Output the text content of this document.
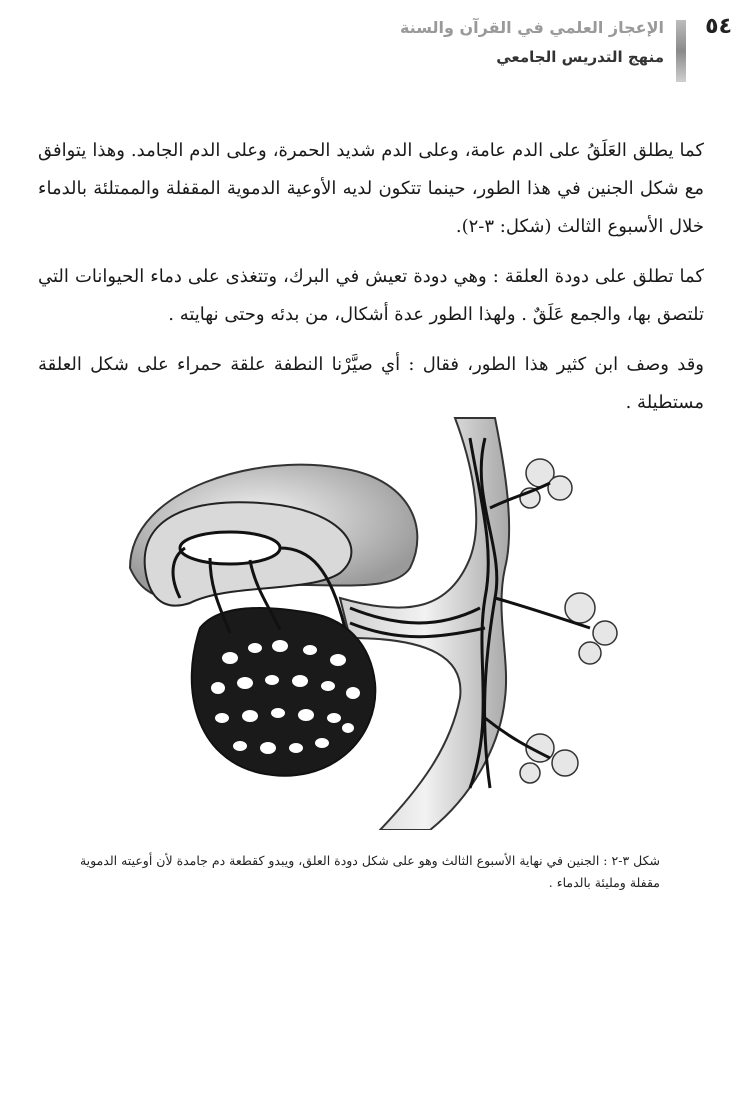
٥٤
الإعجاز العلمي في القرآن والسنة
منهج التدريس الجامعي

كما يطلق العَلَقُ على الدم عامة، وعلى الدم شديد الحمرة، وعلى الدم الجامد. وهذا يتوافق مع شكل الجنين في هذا الطور، حينما تتكون لديه الأوعية الدموية المقفلة والممتلئة بالدماء خلال الأسبوع الثالث (شكل: ٣-٢).

كما تطلق على دودة العلقة : وهي دودة تعيش في البرك، وتتغذى على دماء الحيوانات التي تلتصق بها، والجمع عَلَقٌ . ولهذا الطور عدة أشكال، من بدئه وحتى نهايته .

وقد وصف ابن كثير هذا الطور، فقال : أي صيَّرْنا النطفة علقة حمراء على شكل العلقة مستطيلة .

شكل ٣-٢ : الجنين في نهاية الأسبوع الثالث وهو على شكل دودة العلق، ويبدو كقطعة دم جامدة لأن أوعيته الدموية مقفلة ومليئة بالدماء .
